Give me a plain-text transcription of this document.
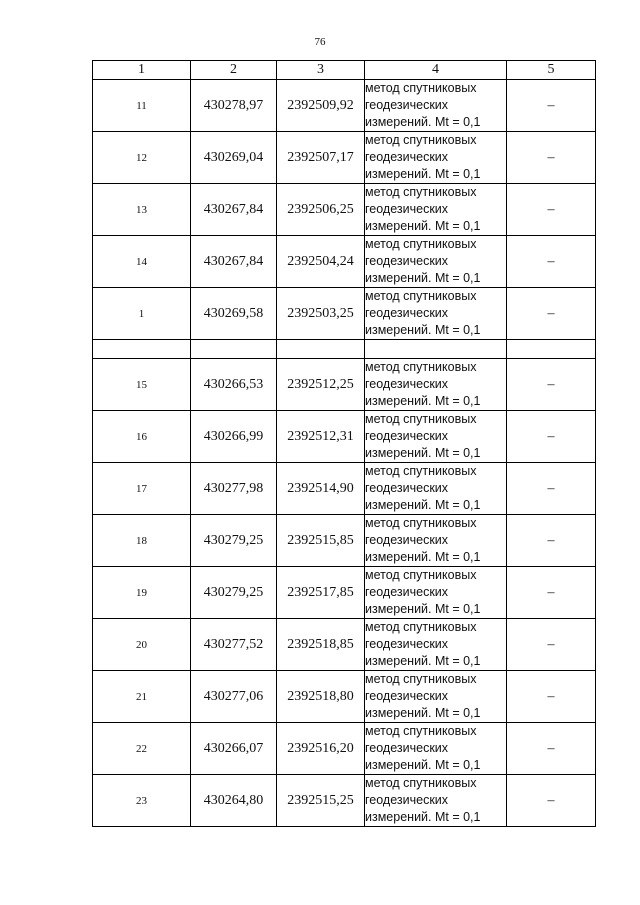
76
1	2	3	4	5
11	430278,97	2392509,92	метод спутниковых
геодезических
измерений. Mt = 0,1	–
12	430269,04	2392507,17	метод спутниковых
геодезических
измерений. Mt = 0,1	–
13	430267,84	2392506,25	метод спутниковых
геодезических
измерений. Mt = 0,1	–
14	430267,84	2392504,24	метод спутниковых
геодезических
измерений. Mt = 0,1	–
1	430269,58	2392503,25	метод спутниковых
геодезических
измерений. Mt = 0,1	–

15	430266,53	2392512,25	метод спутниковых
геодезических
измерений. Mt = 0,1	–
16	430266,99	2392512,31	метод спутниковых
геодезических
измерений. Mt = 0,1	–
17	430277,98	2392514,90	метод спутниковых
геодезических
измерений. Mt = 0,1	–
18	430279,25	2392515,85	метод спутниковых
геодезических
измерений. Mt = 0,1	–
19	430279,25	2392517,85	метод спутниковых
геодезических
измерений. Mt = 0,1	–
20	430277,52	2392518,85	метод спутниковых
геодезических
измерений. Mt = 0,1	–
21	430277,06	2392518,80	метод спутниковых
геодезических
измерений. Mt = 0,1	–
22	430266,07	2392516,20	метод спутниковых
геодезических
измерений. Mt = 0,1	–
23	430264,80	2392515,25	метод спутниковых
геодезических
измерений. Mt = 0,1	–
